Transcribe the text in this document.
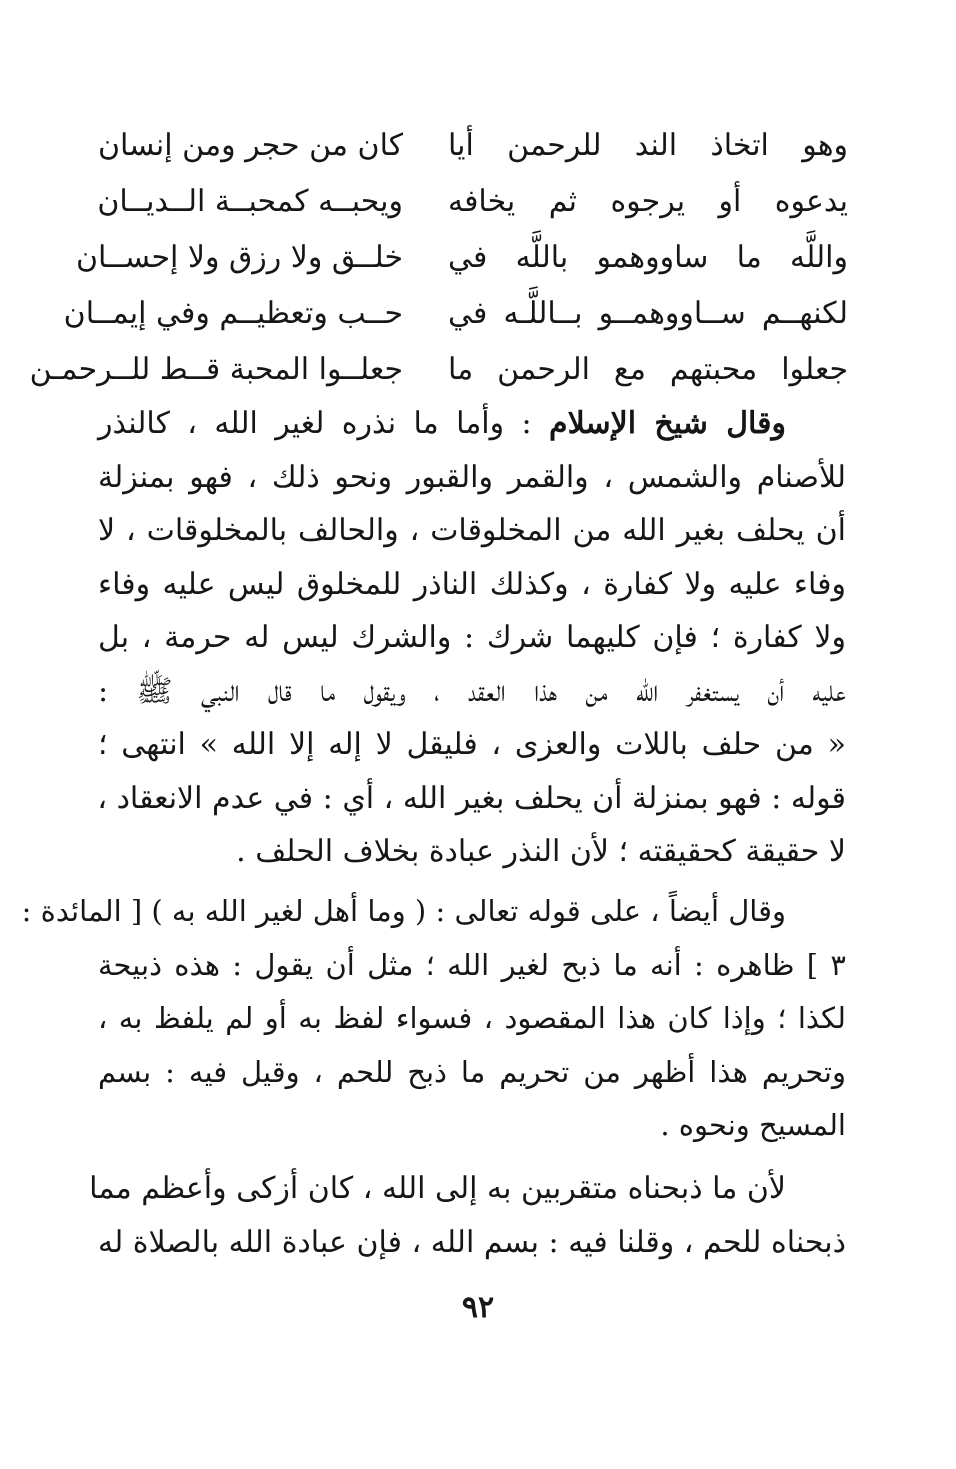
وهو اتخاذ الند للرحمن أيا
كان من حجر ومن إنسان
يدعوه أو يرجوه ثم يخافه
ويحبــه كمحبــة الــديــان
واللَّه ما ساووهمو باللَّه في
خلــق ولا رزق ولا إحســان
لكنهــم ســاووهمــو بــاللَّـه في
حــب وتعظيــم وفي إيمــان
جعلوا محبتهم مع الرحمن ما
جعلــوا المحبة قــط للــرحمـن
وقال شيخ الإسلام : وأما ما نذره لغير الله ، كالنذر
للأصنام والشمس ، والقمر والقبور ونحو ذلك ، فهو بمنزلة
أن يحلف بغير الله من المخلوقات ، والحالف بالمخلوقات ، لا
وفاء عليه ولا كفارة ، وكذلك الناذر للمخلوق ليس عليه وفاء
ولا كفارة ؛ فإن كليهما شرك : والشرك ليس له حرمة ، بل
عليه أن يستغفر الله من هذا العقد ، ويقول ما قال النبي ﷺ :
« من حلف باللات والعزى ، فليقل لا إله إلا الله » انتهى ؛
قوله : فهو بمنزلة أن يحلف بغير الله ، أي : في عدم الانعقاد ،
لا حقيقة كحقيقته ؛ لأن النذر عبادة بخلاف الحلف .
وقال أيضاً ، على قوله تعالى : ( وما أهل لغير الله به ) [ المائدة :
٣ ] ظاهره : أنه ما ذبح لغير الله ؛ مثل أن يقول : هذه ذبيحة
لكذا ؛ وإذا كان هذا المقصود ، فسواء لفظ به أو لم يلفظ به ،
وتحريم هذا أظهر من تحريم ما ذبح للحم ، وقيل فيه : بسم
المسيح ونحوه .
لأن ما ذبحناه متقربين به إلى الله ، كان أزكى وأعظم مما
ذبحناه للحم ، وقلنا فيه : بسم الله ، فإن عبادة الله بالصلاة له
٩٢
